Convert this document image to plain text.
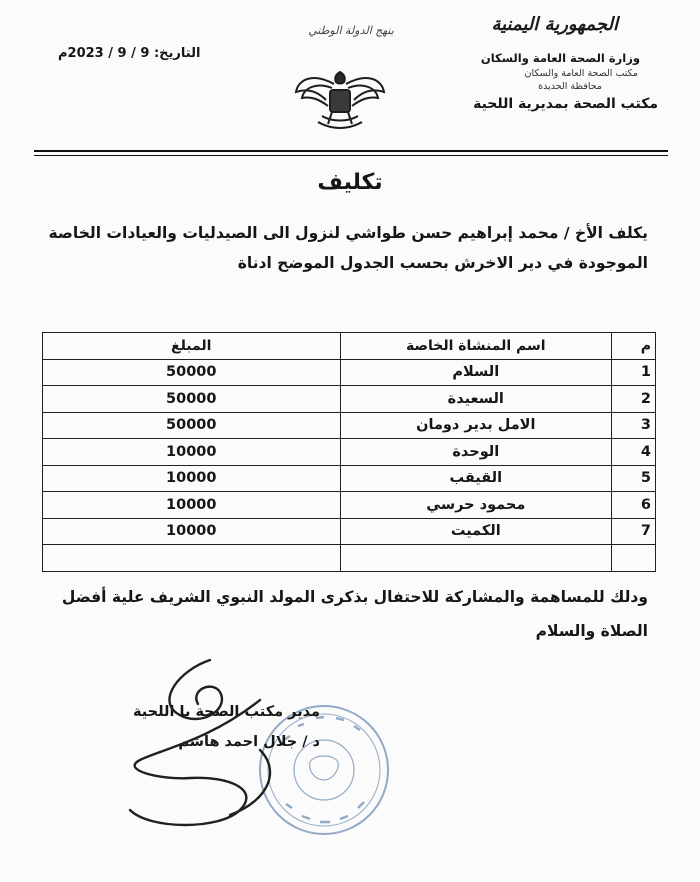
بنهج الدولة الوطني	الجمهورية اليمنية
وزارة الصحة العامة والسكان
مكتب الصحة العامة والسكان
محافظة الحديدة
مكتب الصحة بمديرية اللحية
التاريخ: 9 / 9 / 2023م
تكليف
يكلف الأخ / محمد إبراهيم حسن طواشي لنزول الى الصيدليات والعيادات الخاصة
الموجودة في دير الاخرش بحسب الجدول الموضح ادناة
م	اسم المنشاة الخاصة	المبلغ
1	السلام	50000
2	السعيدة	50000
3	الامل بدير دومان	50000
4	الوحدة	10000
5	القيقب	10000
6	محمود حرسي	10000
7	الكميت	10000

ودلك للمساهمة والمشاركة للاحتفال بذكرى المولد النبوي الشريف علية أفضل
الصلاة والسلام
مدير مكتب الصحة با اللحية
د / جلال احمد هاشم
